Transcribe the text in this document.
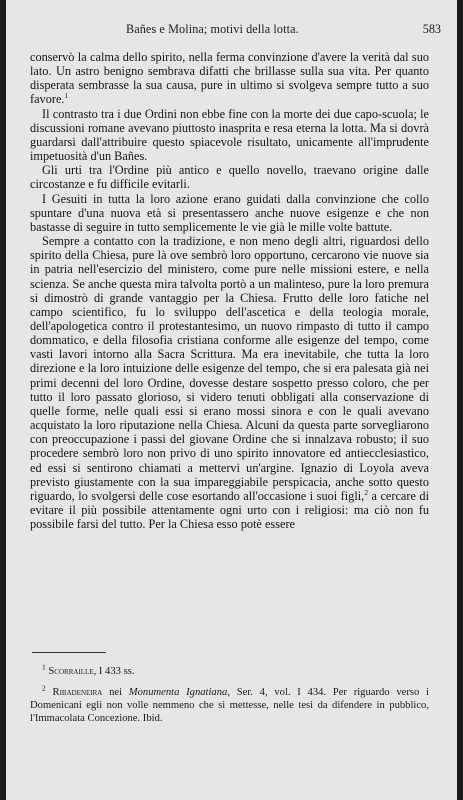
Bañes e Molina; motivi della lotta.	583

conservò la calma dello spirito, nella ferma convinzione d'avere la verità dal suo lato. Un astro benigno sembrava difatti che brillasse sulla sua vita. Per quanto disperata sembrasse la sua causa, pure in ultimo si svolgeva sempre tutto a suo favore.$^1$

Il contrasto tra i due Ordini non ebbe fine con la morte dei due capo-scuola; le discussioni romane avevano piuttosto inasprita e resa eterna la lotta. Ma si dovrà guardarsi dall'attribuire questo spiacevole risultato, unicamente all'imprudente impetuosità d'un Bañes.

Gli urti tra l'Ordine più antico e quello novello, traevano origine dalle circostanze e fu difficile evitarli.

I Gesuiti in tutta la loro azione erano guidati dalla convinzione che collo spuntare d'una nuova età si presentassero anche nuove esigenze e che non bastasse di seguire in tutto semplicemente le vie già le mille volte battute.

Sempre a contatto con la tradizione, e non meno degli altri, riguardosi dello spirito della Chiesa, pure là ove sembrò loro opportuno, cercarono vie nuove sia in patria nell'esercizio del ministero, come pure nelle missioni estere, e nella scienza. Se anche questa mira talvolta portò a un malinteso, pure la loro premura si dimostrò di grande vantaggio per la Chiesa. Frutto delle loro fatiche nel campo scientifico, fu lo sviluppo dell'ascetica e della teologia morale, dell'apologetica contro il protestantesimo, un nuovo rimpasto di tutto il campo dommatico, e della filosofia cristiana conforme alle esigenze del tempo, come vasti lavori intorno alla Sacra Scrittura. Ma era inevitabile, che tutta la loro direzione e la loro intuizione delle esigenze del tempo, che si era palesata già nei primi decenni del loro Ordine, dovesse destare sospetto presso coloro, che per tutto il loro passato glorioso, si videro tenuti obbligati alla conservazione di quelle forme, nelle quali essi si erano mossi sinora e con le quali avevano acquistato la loro riputazione nella Chiesa. Alcuni da questa parte sorvegliarono con preoccupazione i passi del giovane Ordine che si innalzava robusto; il suo procedere sembrò loro non privo di uno spirito innovatore ed antiecclesiastico, ed essi si sentirono chiamati a mettervi un'argine. Ignazio di Loyola aveva previsto giustamente con la sua impareggiabile perspicacia, anche sotto questo riguardo, lo svolgersi delle cose esortando all'occasione i suoi figli,$^2$ a cercare di evitare il più possibile attentamente ogni urto con i religiosi: ma ciò non fu possibile farsi del tutto. Per la Chiesa esso potè essere

$^1$ Scorraille, I 433 ss.

$^2$ Ribadeneira nei Monumenta Ignatiana, Ser. 4, vol. I 434. Per riguardo verso i Domenicani egli non volle nemmeno che si mettesse, nelle tesi da difendere in pubblico, l'Immacolata Concezione. Ibid.
